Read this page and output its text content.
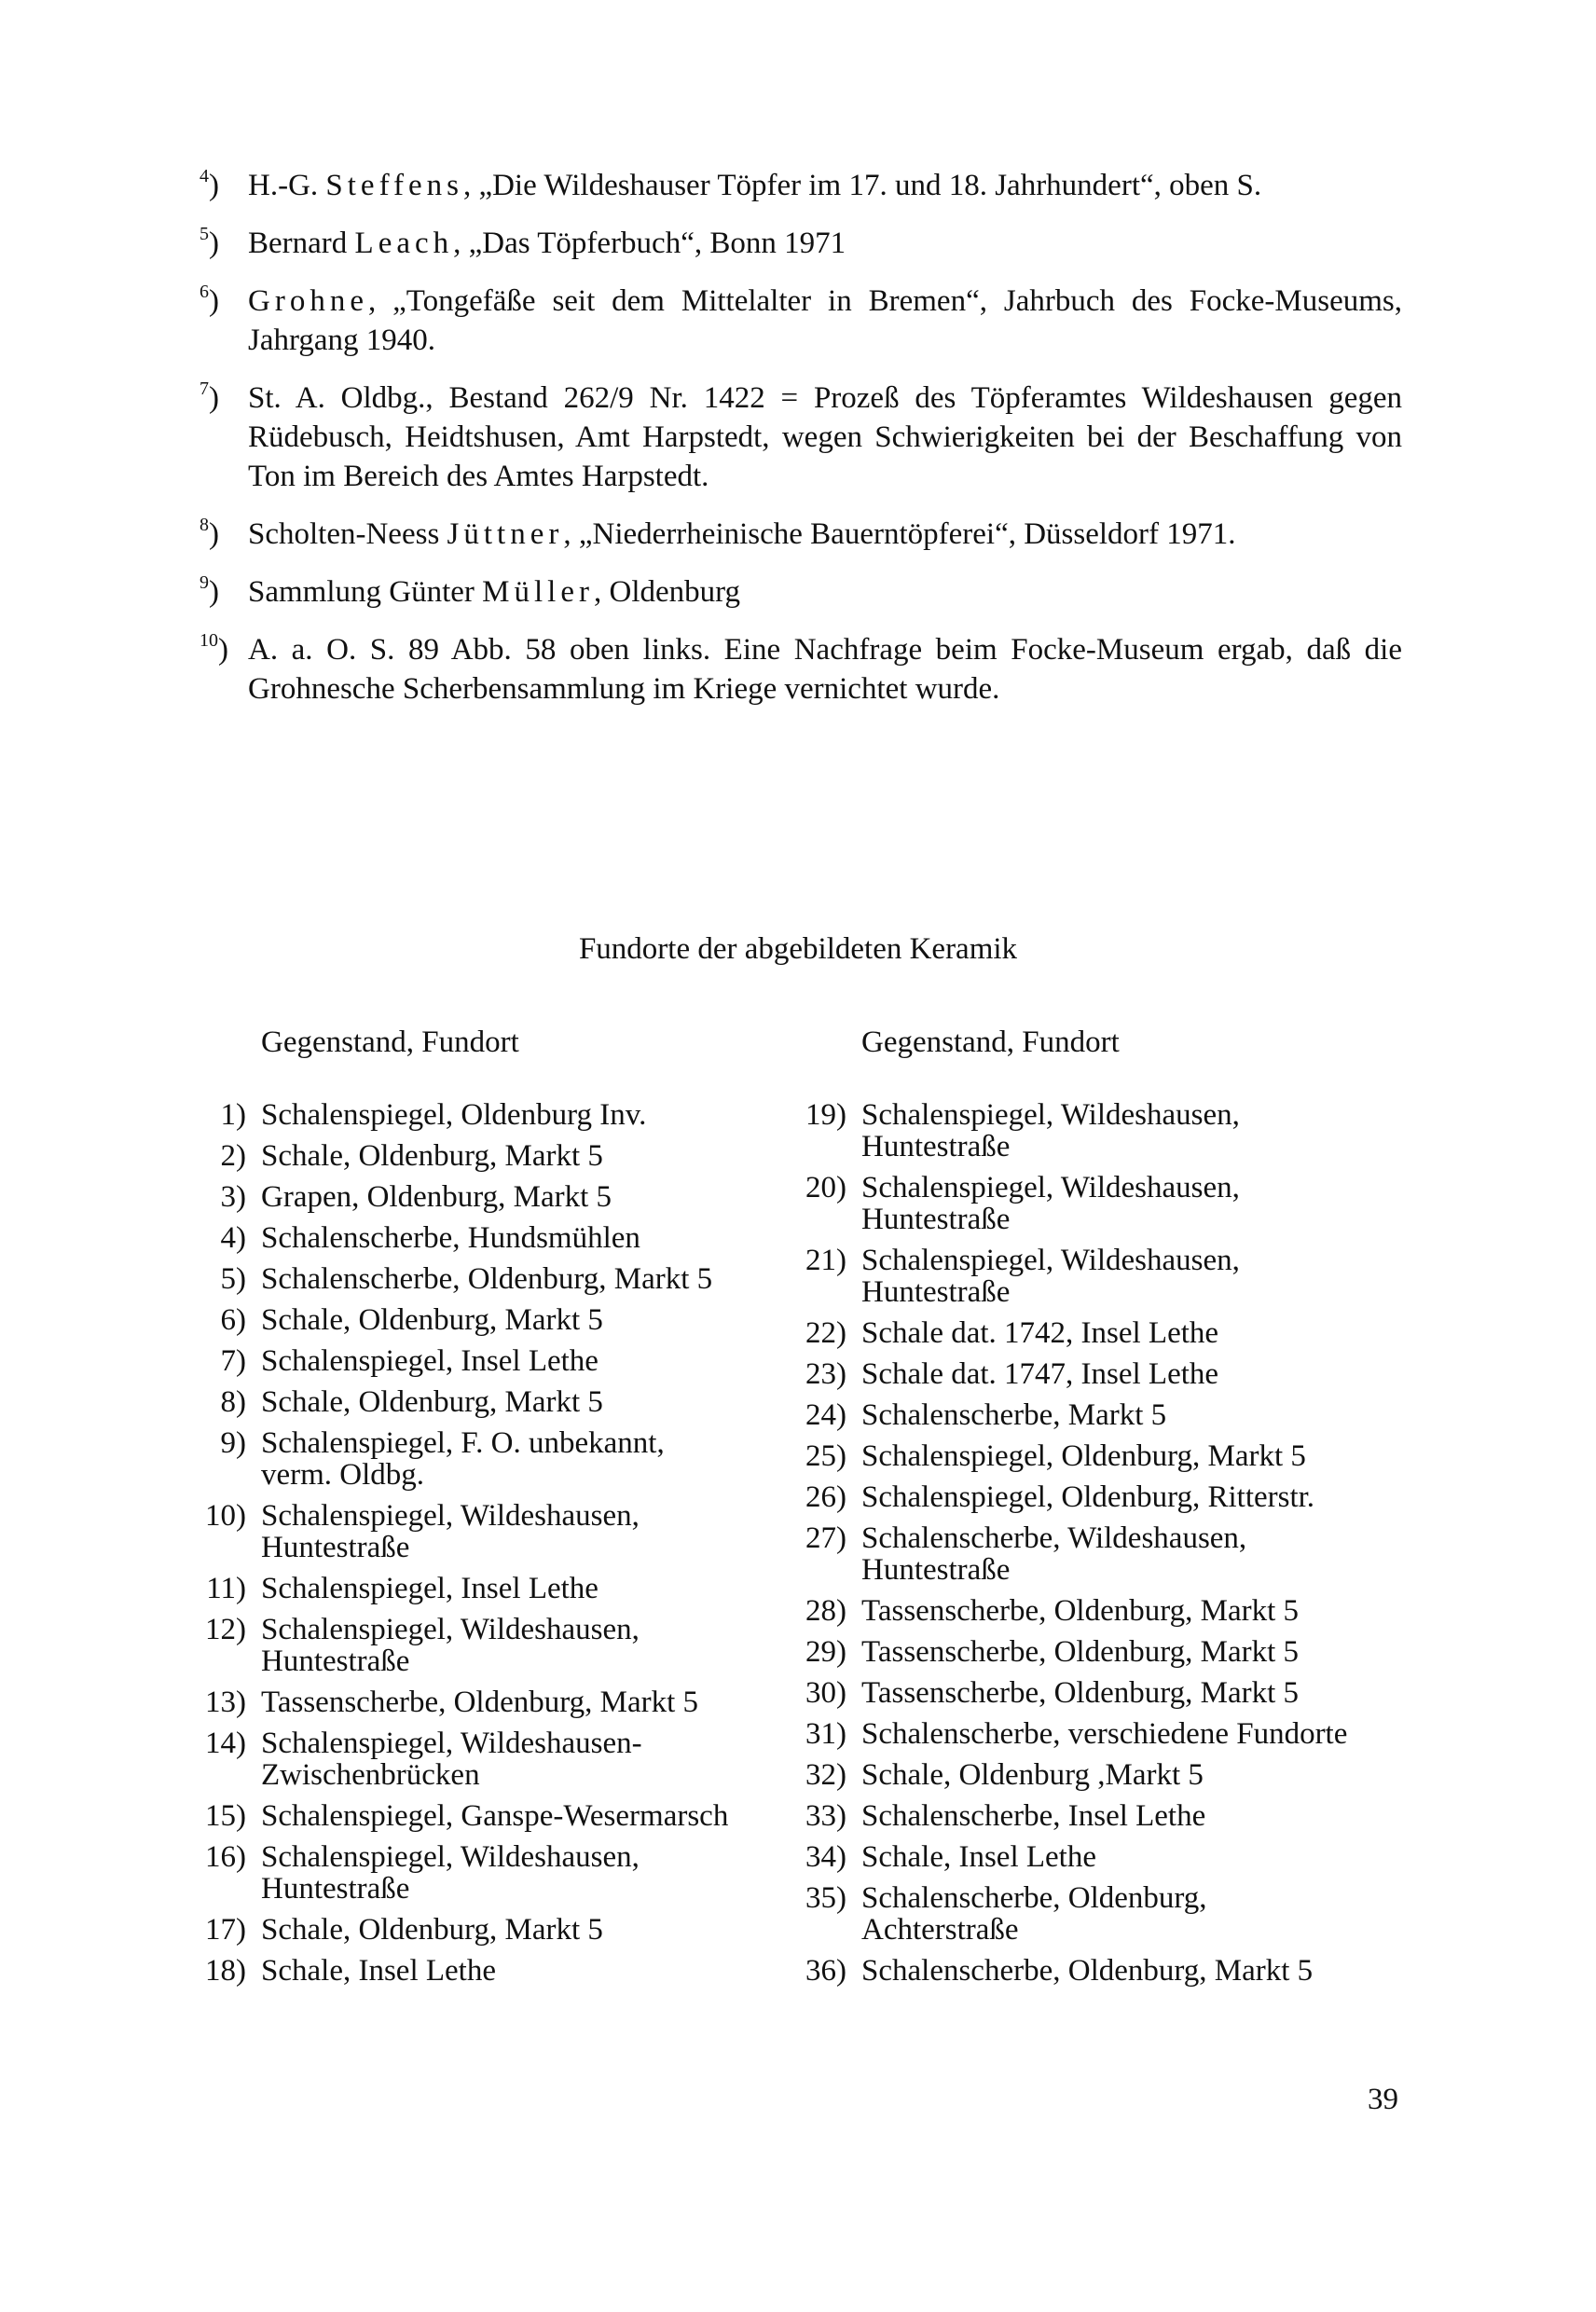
$^4$) H.-G. Steffens, „Die Wildeshauser Töpfer im 17. und 18. Jahrhundert“, oben S.
$^5$) Bernard Leach, „Das Töpferbuch“, Bonn 1971
$^6$) Grohne, „Tongefäße seit dem Mittelalter in Bremen“, Jahrbuch des Focke-Museums, Jahrgang 1940.
$^7$) St. A. Oldbg., Bestand 262/9 Nr. 1422 = Prozeß des Töpferamtes Wildeshausen gegen Rüdebusch, Heidtshusen, Amt Harpstedt, wegen Schwierigkeiten bei der Beschaffung von Ton im Bereich des Amtes Harpstedt.
$^8$) Scholten-Neess Jüttner, „Niederrheinische Bauerntöpferei“, Düsseldorf 1971.
$^9$) Sammlung Günter Müller, Oldenburg
$^{10}$) A. a. O. S. 89 Abb. 58 oben links. Eine Nachfrage beim Focke-Museum ergab, daß die Grohnesche Scherbensammlung im Kriege vernichtet wurde.
Fundorte der abgebildeten Keramik
Gegenstand, Fundort
1) Schalenspiegel, Oldenburg Inv.
2) Schale, Oldenburg, Markt 5
3) Grapen, Oldenburg, Markt 5
4) Schalenscherbe, Hundsmühlen
5) Schalenscherbe, Oldenburg, Markt 5
6) Schale, Oldenburg, Markt 5
7) Schalenspiegel, Insel Lethe
8) Schale, Oldenburg, Markt 5
9) Schalenspiegel, F. O. unbekannt,
verm. Oldbg.
10) Schalenspiegel, Wildeshausen,
Huntestraße
11) Schalenspiegel, Insel Lethe
12) Schalenspiegel, Wildeshausen,
Huntestraße
13) Tassenscherbe, Oldenburg, Markt 5
14) Schalenspiegel, Wildeshausen-
Zwischenbrücken
15) Schalenspiegel, Ganspe-Wesermarsch
16) Schalenspiegel, Wildeshausen,
Huntestraße
17) Schale, Oldenburg, Markt 5
18) Schale, Insel Lethe
Gegenstand, Fundort
19) Schalenspiegel, Wildeshausen,
Huntestraße
20) Schalenspiegel, Wildeshausen,
Huntestraße
21) Schalenspiegel, Wildeshausen,
Huntestraße
22) Schale dat. 1742, Insel Lethe
23) Schale dat. 1747, Insel Lethe
24) Schalenscherbe, Markt 5
25) Schalenspiegel, Oldenburg, Markt 5
26) Schalenspiegel, Oldenburg, Ritterstr.
27) Schalenscherbe, Wildeshausen,
Huntestraße
28) Tassenscherbe, Oldenburg, Markt 5
29) Tassenscherbe, Oldenburg, Markt 5
30) Tassenscherbe, Oldenburg, Markt 5
31) Schalenscherbe, verschiedene Fundorte
32) Schale, Oldenburg ,Markt 5
33) Schalenscherbe, Insel Lethe
34) Schale, Insel Lethe
35) Schalenscherbe, Oldenburg,
Achterstraße
36) Schalenscherbe, Oldenburg, Markt 5
39
